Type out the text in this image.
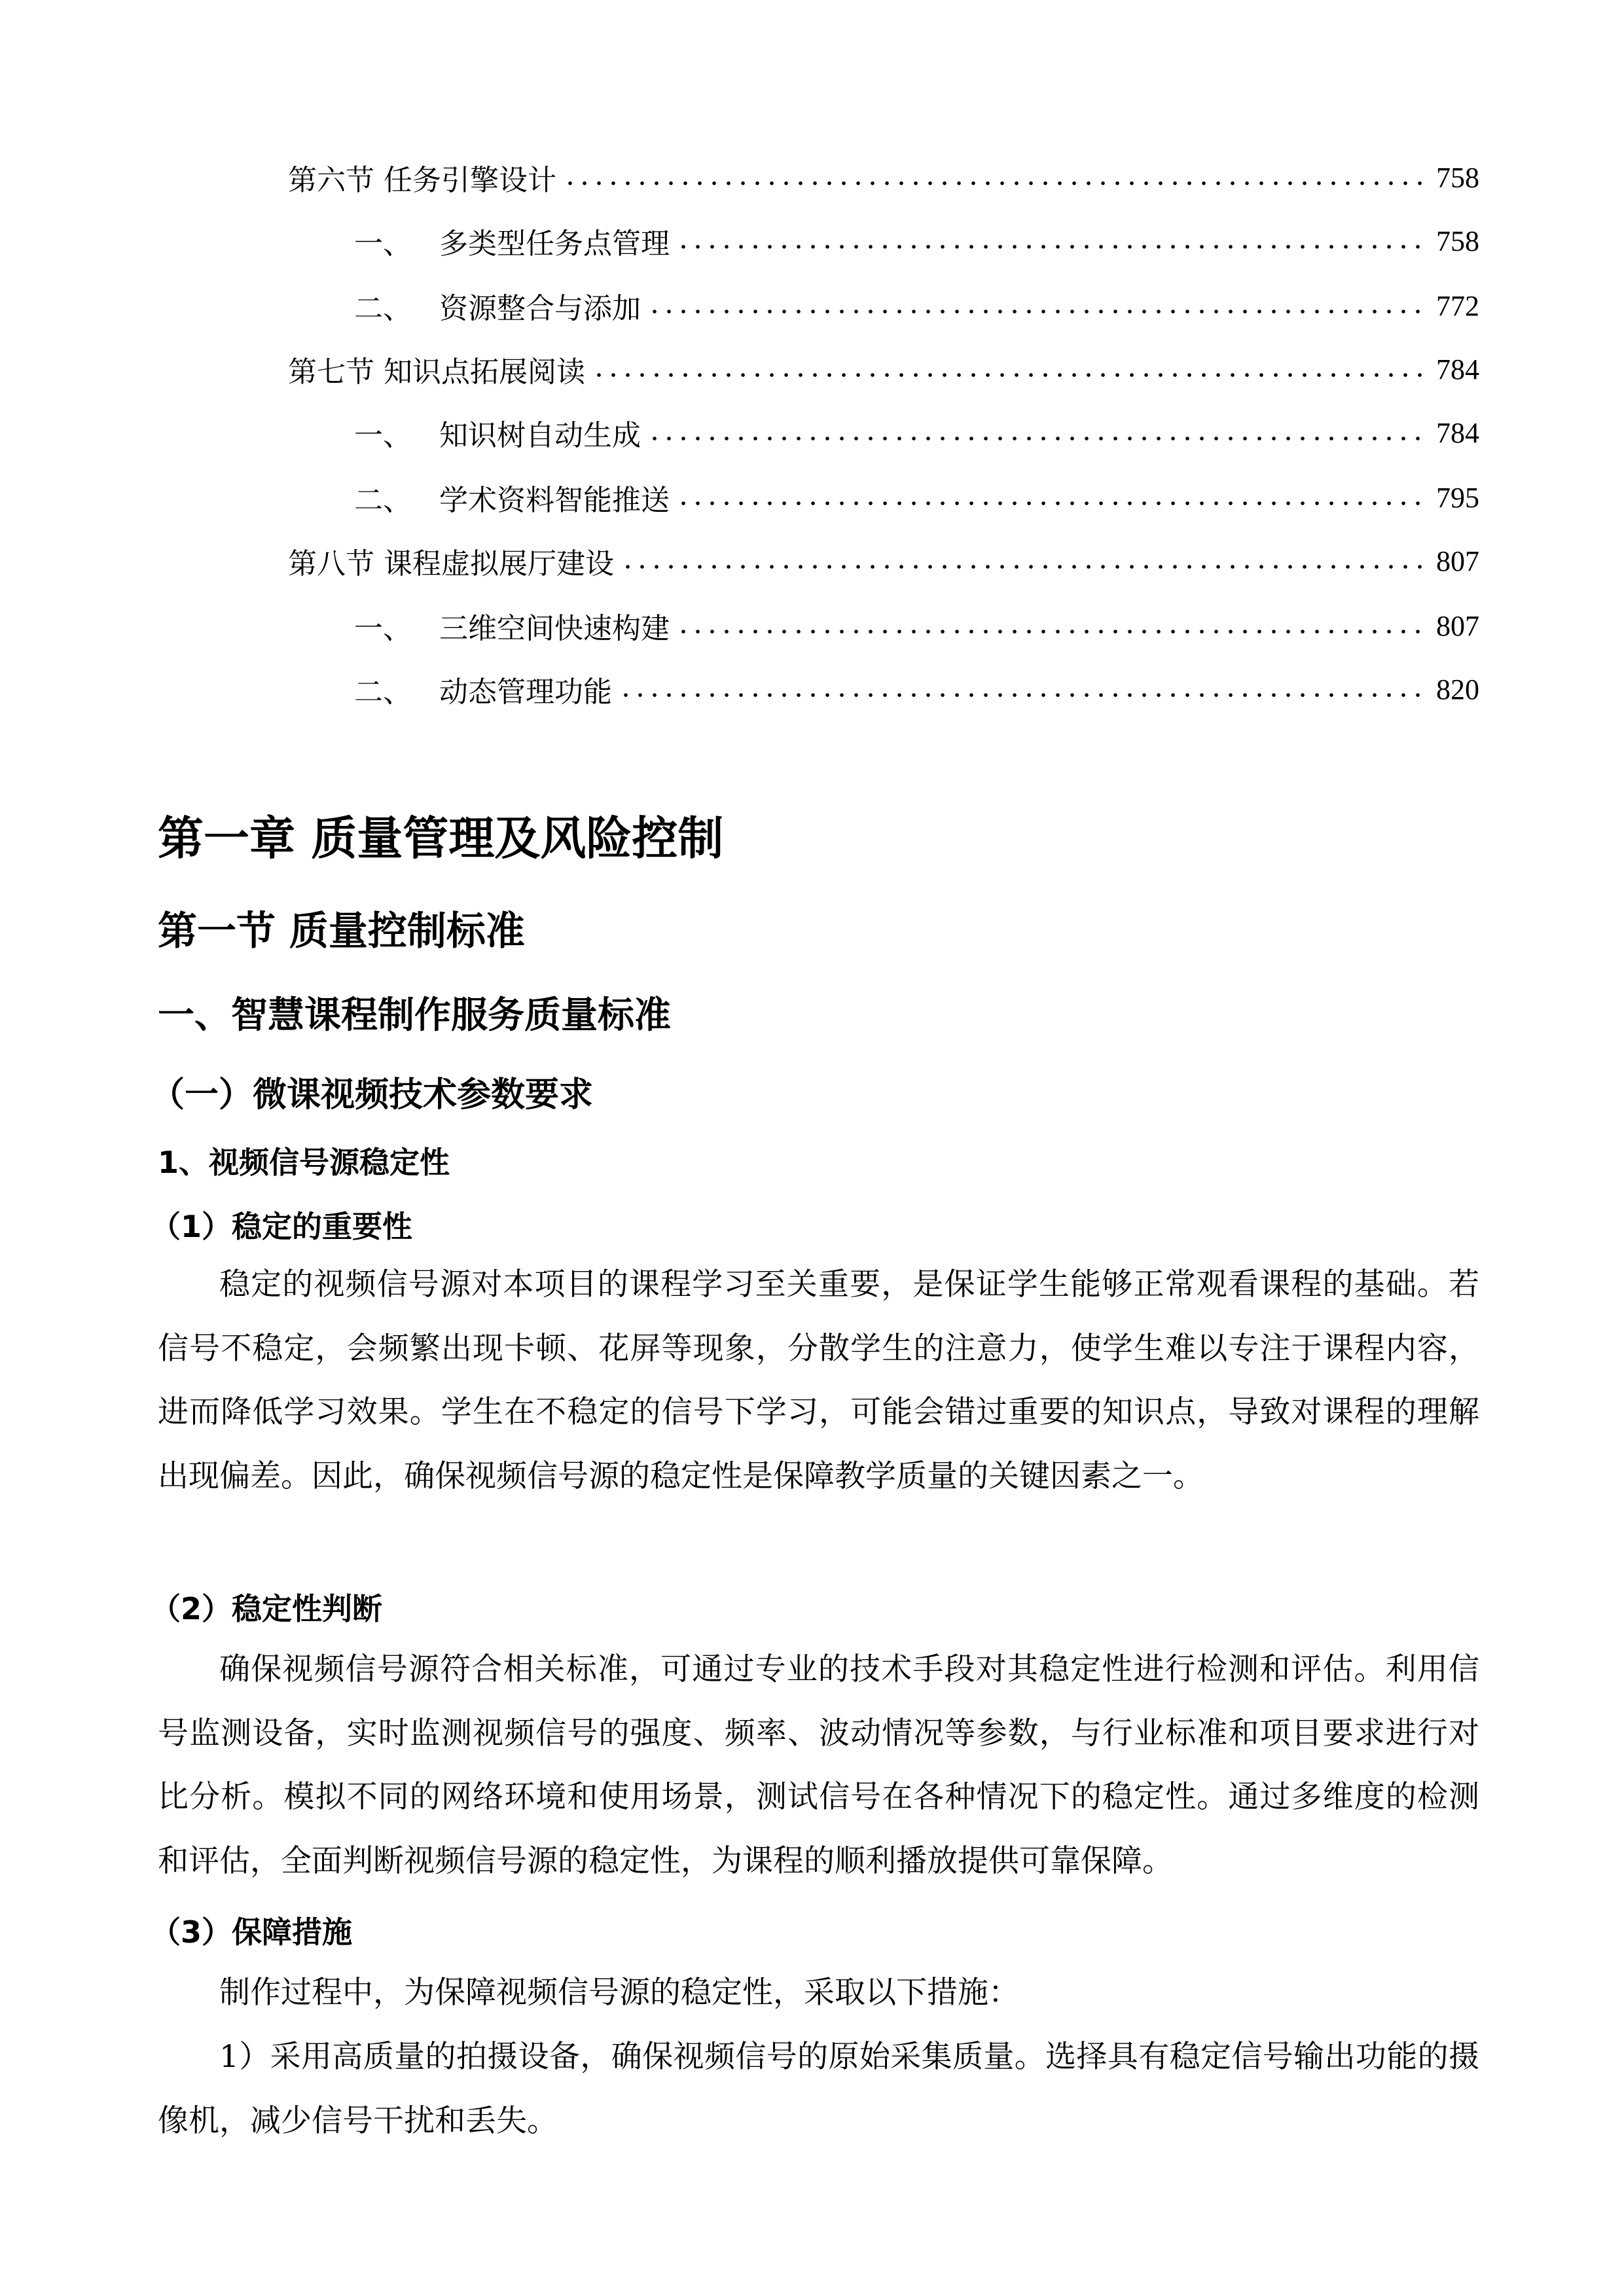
第六节 任务引擎设计	758
一、 多类型任务点管理	758
二、 资源整合与添加	772
第七节 知识点拓展阅读	784
一、 知识树自动生成	784
二、 学术资料智能推送	795
第八节 课程虚拟展厅建设	807
一、 三维空间快速构建	807
二、 动态管理功能	820
第一章 质量管理及风险控制
第一节 质量控制标准
一、智慧课程制作服务质量标准
（一）微课视频技术参数要求
1、视频信号源稳定性
（1）稳定的重要性
稳定的视频信号源对本项目的课程学习至关重要，是保证学生能够正常观看课程的基础。若信号不稳定，会频繁出现卡顿、花屏等现象，分散学生的注意力，使学生难以专注于课程内容，进而降低学习效果。学生在不稳定的信号下学习，可能会错过重要的知识点，导致对课程的理解出现偏差。因此，确保视频信号源的稳定性是保障教学质量的关键因素之一。
（2）稳定性判断
确保视频信号源符合相关标准，可通过专业的技术手段对其稳定性进行检测和评估。利用信号监测设备，实时监测视频信号的强度、频率、波动情况等参数，与行业标准和项目要求进行对比分析。模拟不同的网络环境和使用场景，测试信号在各种情况下的稳定性。通过多维度的检测和评估，全面判断视频信号源的稳定性，为课程的顺利播放提供可靠保障。
（3）保障措施
制作过程中，为保障视频信号源的稳定性，采取以下措施：
1）采用高质量的拍摄设备，确保视频信号的原始采集质量。选择具有稳定信号输出功能的摄像机，减少信号干扰和丢失。
